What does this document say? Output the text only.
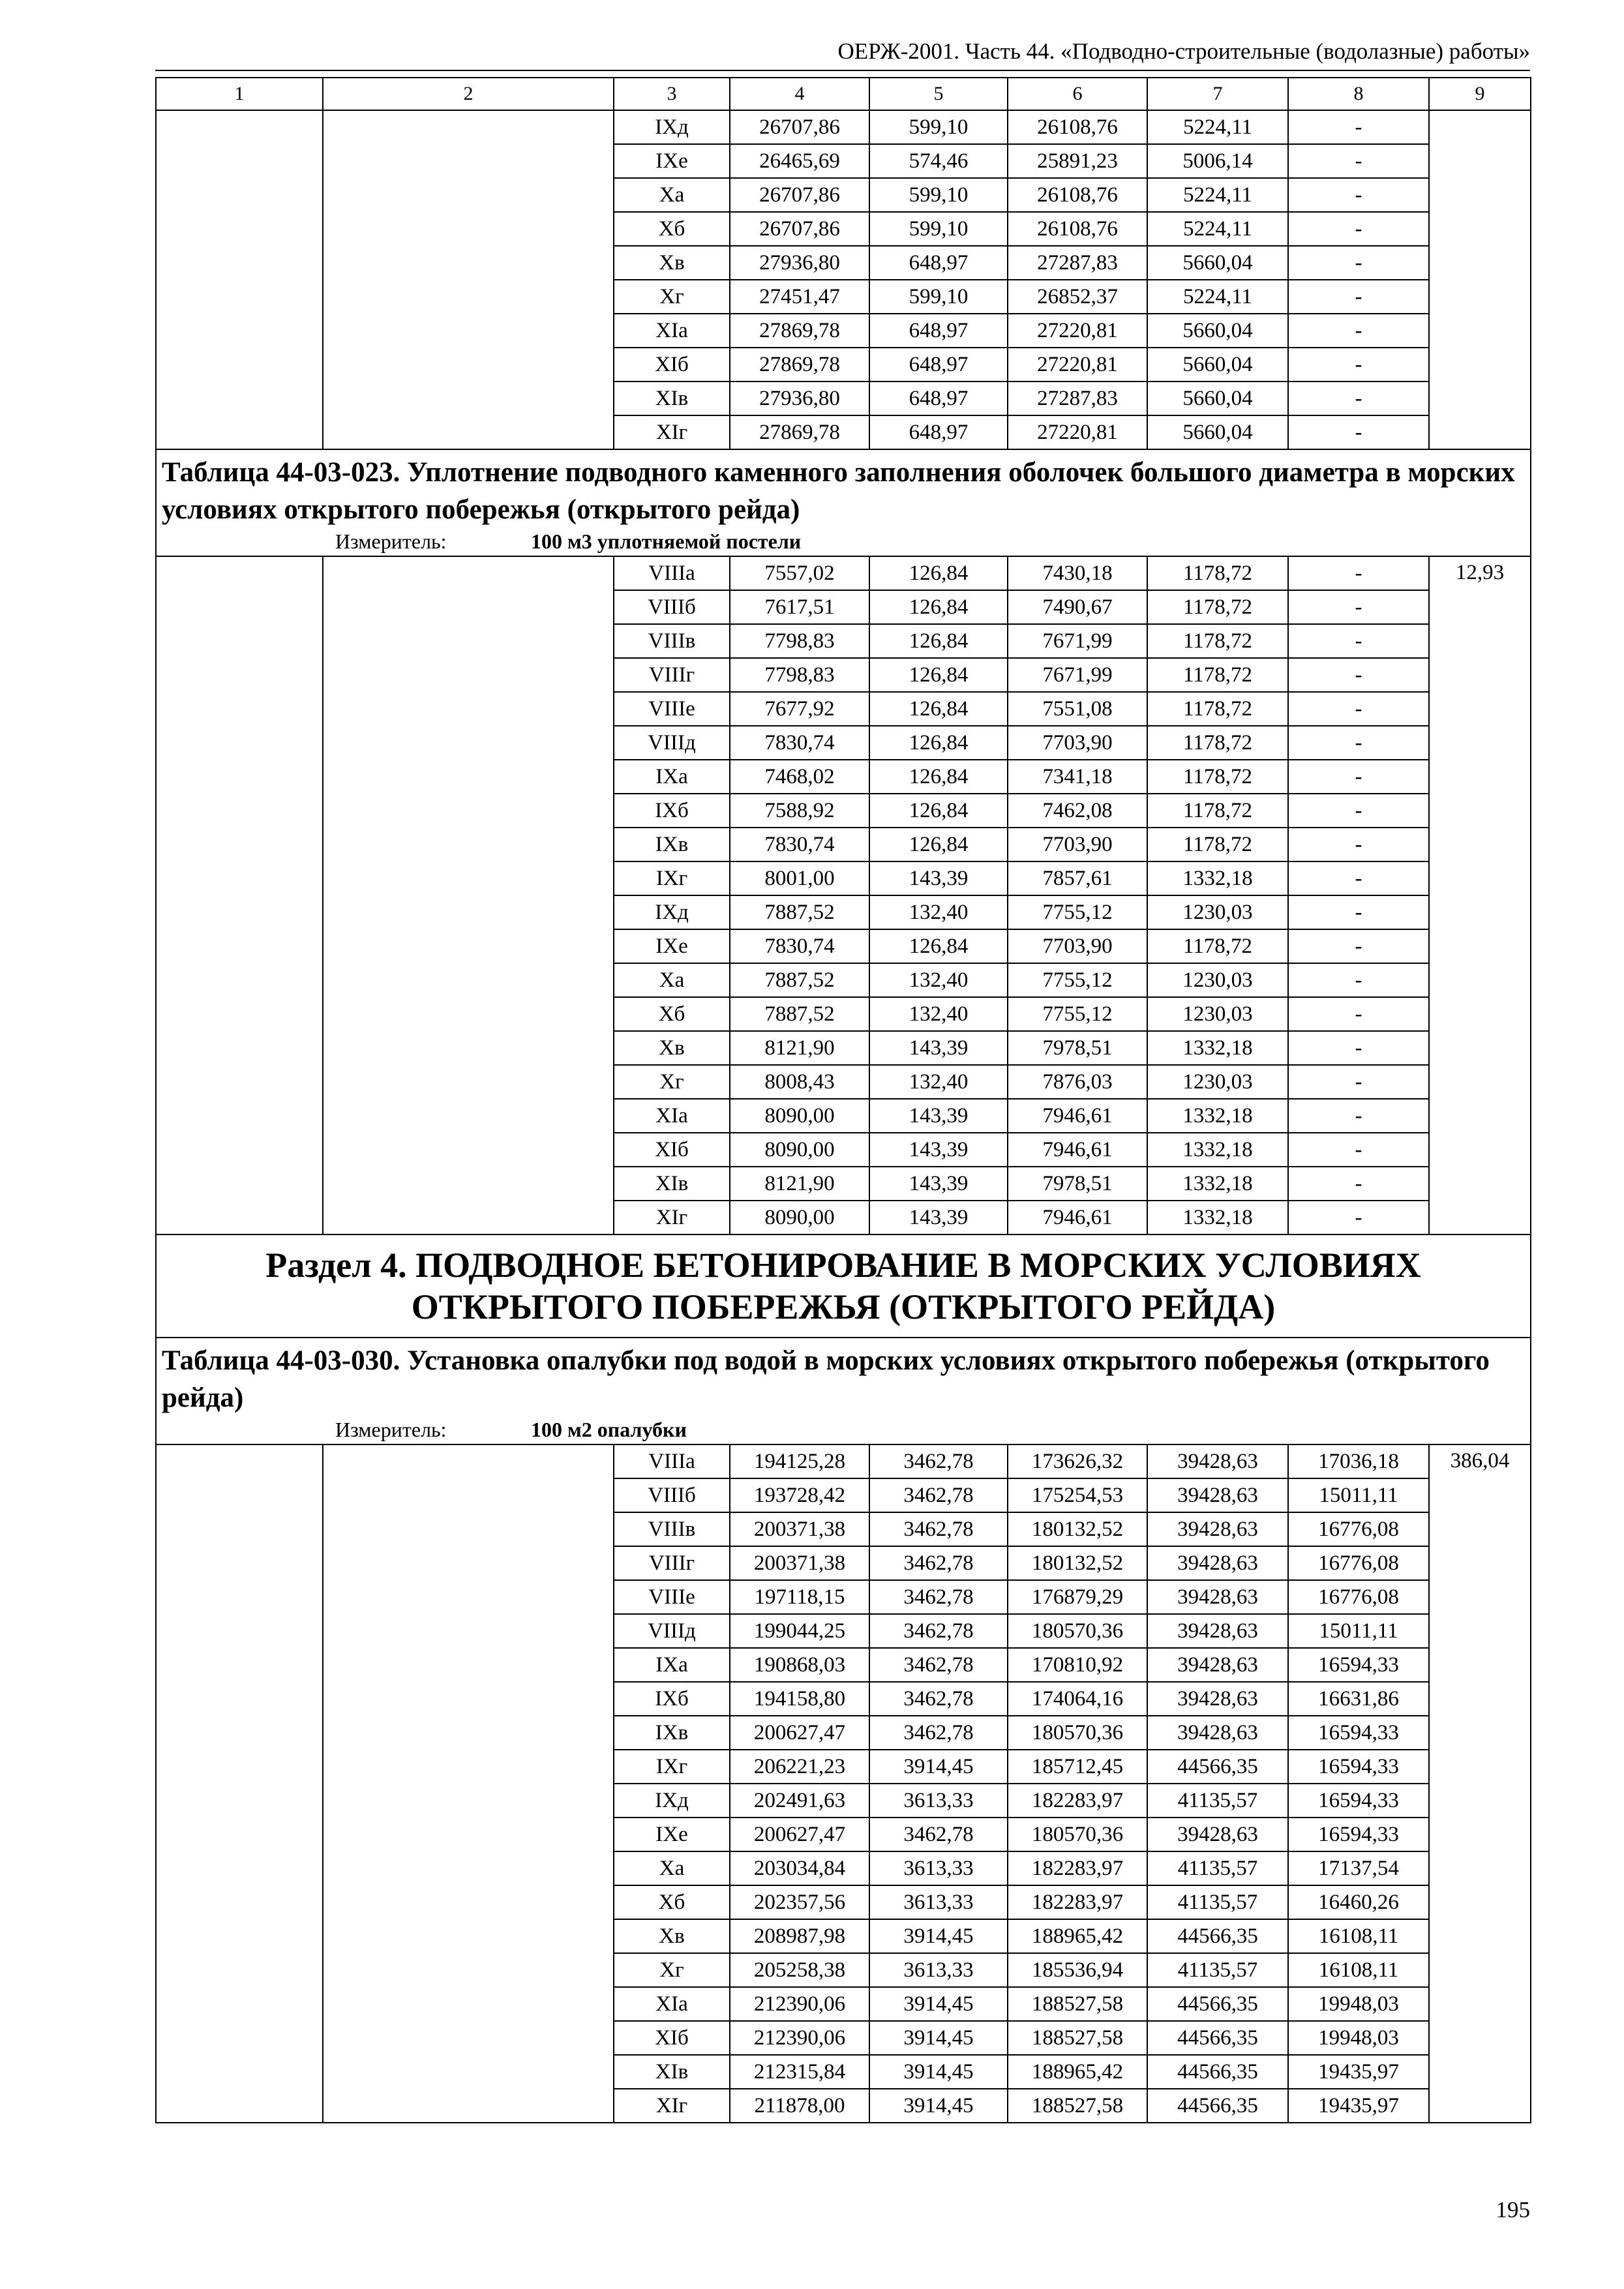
ОЕРЖ-2001. Часть 44. «Подводно-строительные (водолазные) работы»
1	2	3	4	5	6	7	8	9
		IXд	26707,86	599,10	26108,76	5224,11	-	
		IXе	26465,69	574,46	25891,23	5006,14	-	
		Xа	26707,86	599,10	26108,76	5224,11	-	
		Xб	26707,86	599,10	26108,76	5224,11	-	
		Xв	27936,80	648,97	27287,83	5660,04	-	
		Xг	27451,47	599,10	26852,37	5224,11	-	
		XIа	27869,78	648,97	27220,81	5660,04	-	
		XIб	27869,78	648,97	27220,81	5660,04	-	
		XIв	27936,80	648,97	27287,83	5660,04	-	
		XIг	27869,78	648,97	27220,81	5660,04	-	

Таблица 44-03-023. Уплотнение подводного каменного заполнения оболочек большого диаметра в морских условиях открытого побережья (открытого рейда)
Измеритель: 100 м3 уплотняемой постели								

		VIIIа	7557,02	126,84	7430,18	1178,72	-	12,93
		VIIIб	7617,51	126,84	7490,67	1178,72	-	
		VIIIв	7798,83	126,84	7671,99	1178,72	-	
		VIIIг	7798,83	126,84	7671,99	1178,72	-	
		VIIIе	7677,92	126,84	7551,08	1178,72	-	
		VIIIд	7830,74	126,84	7703,90	1178,72	-	
		IXа	7468,02	126,84	7341,18	1178,72	-	
		IXб	7588,92	126,84	7462,08	1178,72	-	
		IXв	7830,74	126,84	7703,90	1178,72	-	
		IXг	8001,00	143,39	7857,61	1332,18	-	
		IXд	7887,52	132,40	7755,12	1230,03	-	
		IXе	7830,74	126,84	7703,90	1178,72	-	
		Xа	7887,52	132,40	7755,12	1230,03	-	
		Xб	7887,52	132,40	7755,12	1230,03	-	
		Xв	8121,90	143,39	7978,51	1332,18	-	
		Xг	8008,43	132,40	7876,03	1230,03	-	
		XIа	8090,00	143,39	7946,61	1332,18	-	
		XIб	8090,00	143,39	7946,61	1332,18	-	
		XIв	8121,90	143,39	7978,51	1332,18	-	
		XIг	8090,00	143,39	7946,61	1332,18	-	
Раздел 4. ПОДВОДНОЕ БЕТОНИРОВАНИЕ В МОРСКИХ УСЛОВИЯХ ОТКРЫТОГО ПОБЕРЕЖЬЯ (ОТКРЫТОГО РЕЙДА)								

Таблица 44-03-030. Установка опалубки под водой в морских условиях открытого побережья (открытого рейда)
Измеритель: 100 м2 опалубки								

		VIIIа	194125,28	3462,78	173626,32	39428,63	17036,18	386,04
		VIIIб	193728,42	3462,78	175254,53	39428,63	15011,11	
		VIIIв	200371,38	3462,78	180132,52	39428,63	16776,08	
		VIIIг	200371,38	3462,78	180132,52	39428,63	16776,08	
		VIIIе	197118,15	3462,78	176879,29	39428,63	16776,08	
		VIIIд	199044,25	3462,78	180570,36	39428,63	15011,11	
		IXа	190868,03	3462,78	170810,92	39428,63	16594,33	
		IXб	194158,80	3462,78	174064,16	39428,63	16631,86	
		IXв	200627,47	3462,78	180570,36	39428,63	16594,33	
		IXг	206221,23	3914,45	185712,45	44566,35	16594,33	
		IXд	202491,63	3613,33	182283,97	41135,57	16594,33	
		IXе	200627,47	3462,78	180570,36	39428,63	16594,33	
		Xа	203034,84	3613,33	182283,97	41135,57	17137,54	
		Xб	202357,56	3613,33	182283,97	41135,57	16460,26	
		Xв	208987,98	3914,45	188965,42	44566,35	16108,11	
		Xг	205258,38	3613,33	185536,94	41135,57	16108,11	
		XIа	212390,06	3914,45	188527,58	44566,35	19948,03	
		XIб	212390,06	3914,45	188527,58	44566,35	19948,03	
		XIв	212315,84	3914,45	188965,42	44566,35	19435,97	
		XIг	211878,00	3914,45	188527,58	44566,35	19435,97	
195
